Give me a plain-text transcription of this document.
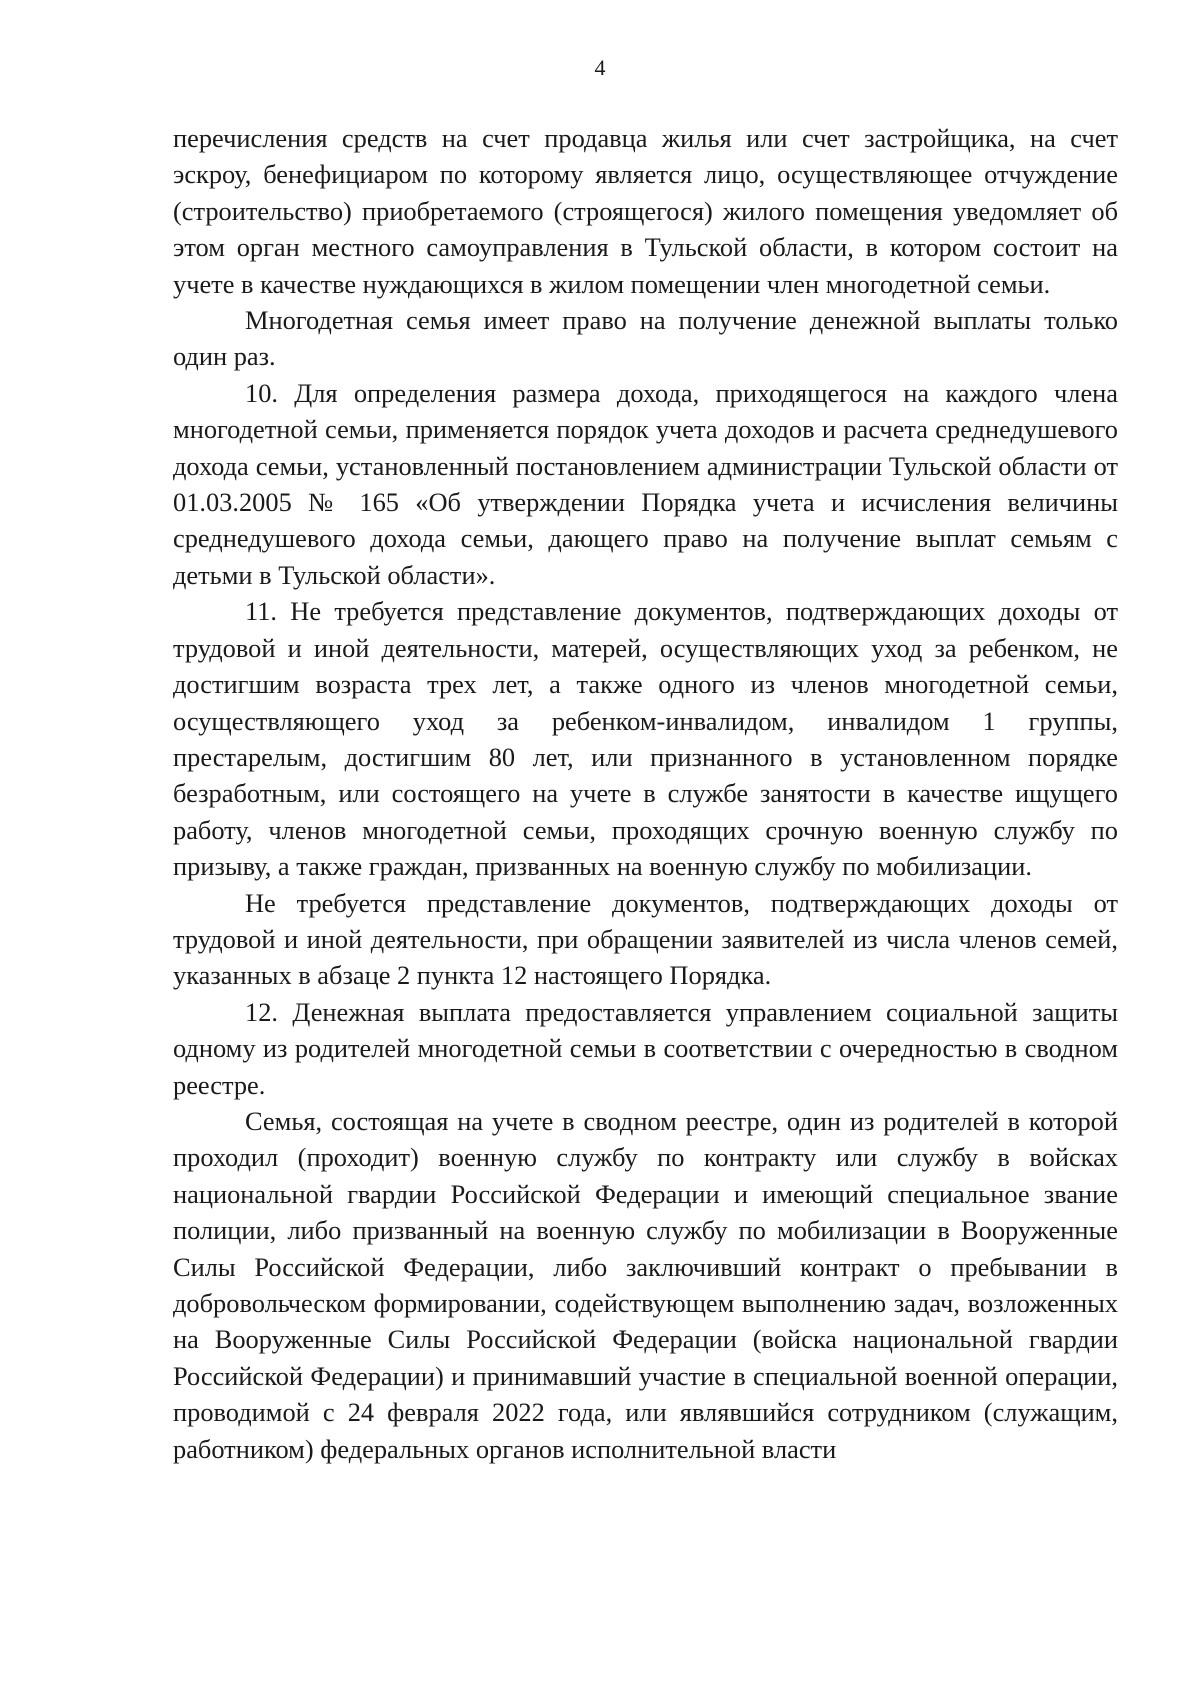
4

перечисления средств на счет продавца жилья или счет застройщика, на счет эскроу, бенефициаром по которому является лицо, осуществляющее отчуждение (строительство) приобретаемого (строящегося) жилого помещения уведомляет об этом орган местного самоуправления в Тульской области, в котором состоит на учете в качестве нуждающихся в жилом помещении член многодетной семьи.

Многодетная семья имеет право на получение денежной выплаты только один раз.

10. Для определения размера дохода, приходящегося на каждого члена многодетной семьи, применяется порядок учета доходов и расчета среднедушевого дохода семьи, установленный постановлением администрации Тульской области от 01.03.2005 № 165 «Об утверждении Порядка учета и исчисления величины среднедушевого дохода семьи, дающего право на получение выплат семьям с детьми в Тульской области».

11. Не требуется представление документов, подтверждающих доходы от трудовой и иной деятельности, матерей, осуществляющих уход за ребенком, не достигшим возраста трех лет, а также одного из членов многодетной семьи, осуществляющего уход за ребенком-инвалидом, инвалидом 1 группы, престарелым, достигшим 80 лет, или признанного в установленном порядке безработным, или состоящего на учете в службе занятости в качестве ищущего работу, членов многодетной семьи, проходящих срочную военную службу по призыву, а также граждан, призванных на военную службу по мобилизации.

Не требуется представление документов, подтверждающих доходы от трудовой и иной деятельности, при обращении заявителей из числа членов семей, указанных в абзаце 2 пункта 12 настоящего Порядка.

12. Денежная выплата предоставляется управлением социальной защиты одному из родителей многодетной семьи в соответствии с очередностью в сводном реестре.

Семья, состоящая на учете в сводном реестре, один из родителей в которой проходил (проходит) военную службу по контракту или службу в войсках национальной гвардии Российской Федерации и имеющий специальное звание полиции, либо призванный на военную службу по мобилизации в Вооруженные Силы Российской Федерации, либо заключивший контракт о пребывании в добровольческом формировании, содействующем выполнению задач, возложенных на Вооруженные Силы Российской Федерации (войска национальной гвардии Российской Федерации) и принимавший участие в специальной военной операции, проводимой с 24 февраля 2022 года, или являвшийся сотрудником (служащим, работником) федеральных органов исполнительной власти
